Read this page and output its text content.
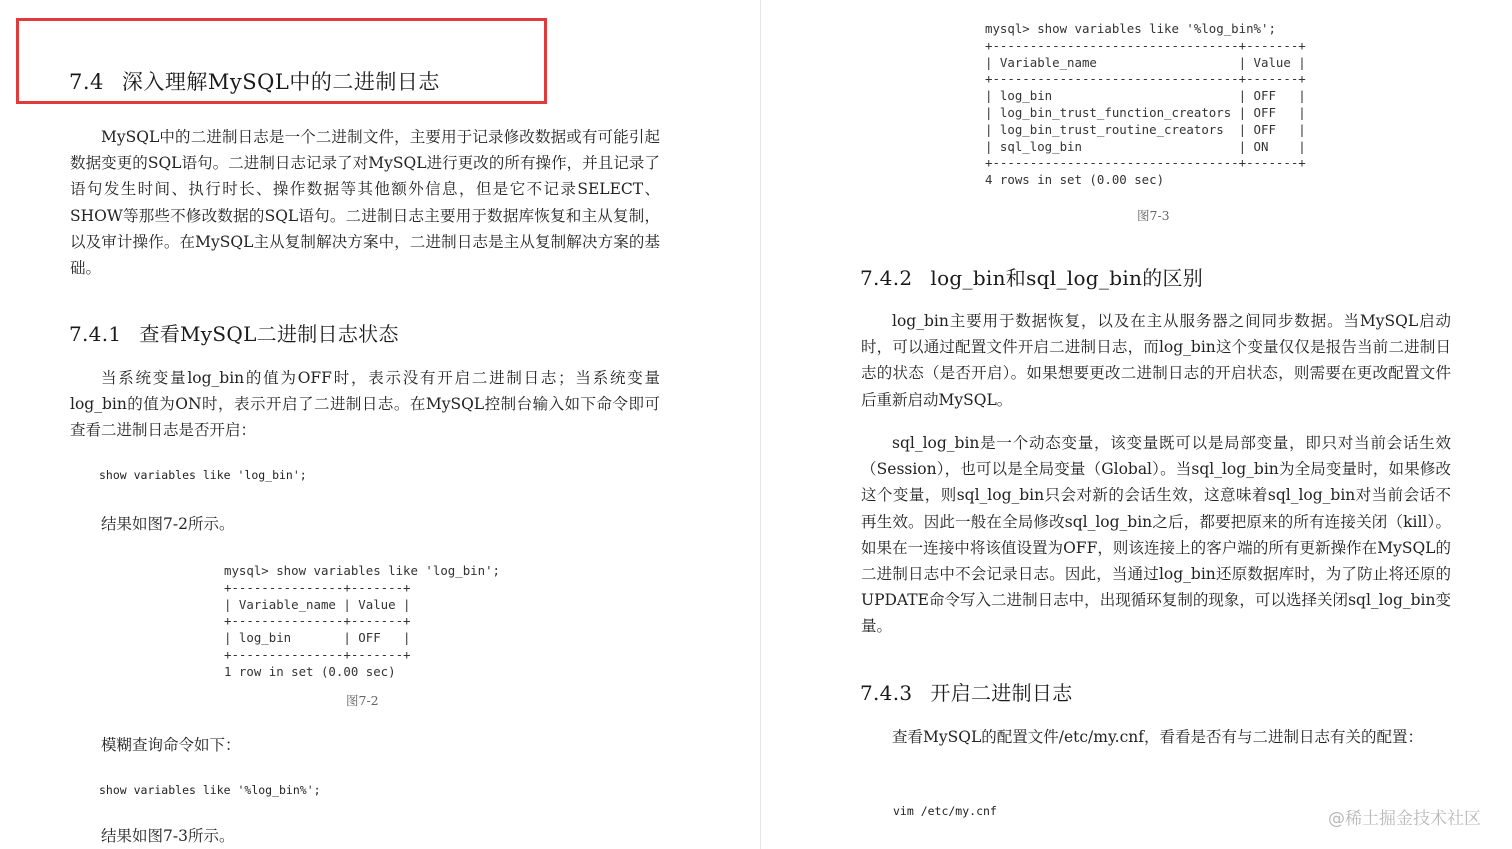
7.4 深入理解MySQL中的二进制日志

MySQL中的二进制日志是一个二进制文件，主要用于记录修改数据或有可能引起数据变更的SQL语句。二进制日志记录了对MySQL进行更改的所有操作，并且记录了语句发生时间、执行时长、操作数据等其他额外信息，但是它不记录SELECT、SHOW等那些不修改数据的SQL语句。二进制日志主要用于数据库恢复和主从复制，以及审计操作。在MySQL主从复制解决方案中，二进制日志是主从复制解决方案的基础。

7.4.1 查看MySQL二进制日志状态

当系统变量log_bin的值为OFF时，表示没有开启二进制日志；当系统变量log_bin的值为ON时，表示开启了二进制日志。在MySQL控制台输入如下命令即可查看二进制日志是否开启：

show variables like 'log_bin';

结果如图7-2所示。

mysql> show variables like 'log_bin';
+---------------+-------+
| Variable_name | Value |
+---------------+-------+
| log_bin       | OFF   |
+---------------+-------+
1 row in set (0.00 sec)
图7-2

模糊查询命令如下：

show variables like '%log_bin%';

结果如图7-3所示。

mysql> show variables like '%log_bin%';
+---------------------------------+-------+
| Variable_name                   | Value |
+---------------------------------+-------+
| log_bin                         | OFF   |
| log_bin_trust_function_creators | OFF   |
| log_bin_trust_routine_creators  | OFF   |
| sql_log_bin                     | ON    |
+---------------------------------+-------+
4 rows in set (0.00 sec)
图7-3
7.4.2 log_bin和sql_log_bin的区别

log_bin主要用于数据恢复，以及在主从服务器之间同步数据。当MySQL启动时，可以通过配置文件开启二进制日志，而log_bin这个变量仅仅是报告当前二进制日志的状态（是否开启）。如果想要更改二进制日志的开启状态，则需要在更改配置文件后重新启动MySQL。

sql_log_bin是一个动态变量，该变量既可以是局部变量，即只对当前会话生效（Session），也可以是全局变量（Global）。当sql_log_bin为全局变量时，如果修改这个变量，则sql_log_bin只会对新的会话生效，这意味着sql_log_bin对当前会话不再生效。因此一般在全局修改sql_log_bin之后，都要把原来的所有连接关闭（kill）。如果在一连接中将该值设置为OFF，则该连接上的客户端的所有更新操作在MySQL的二进制日志中不会记录日志。因此，当通过log_bin还原数据库时，为了防止将还原的UPDATE命令写入二进制日志中，出现循环复制的现象，可以选择关闭sql_log_bin变量。

7.4.3 开启二进制日志

查看MySQL的配置文件/etc/my.cnf，看看是否有与二进制日志有关的配置：

vim /etc/my.cnf	@稀土掘金技术社区
